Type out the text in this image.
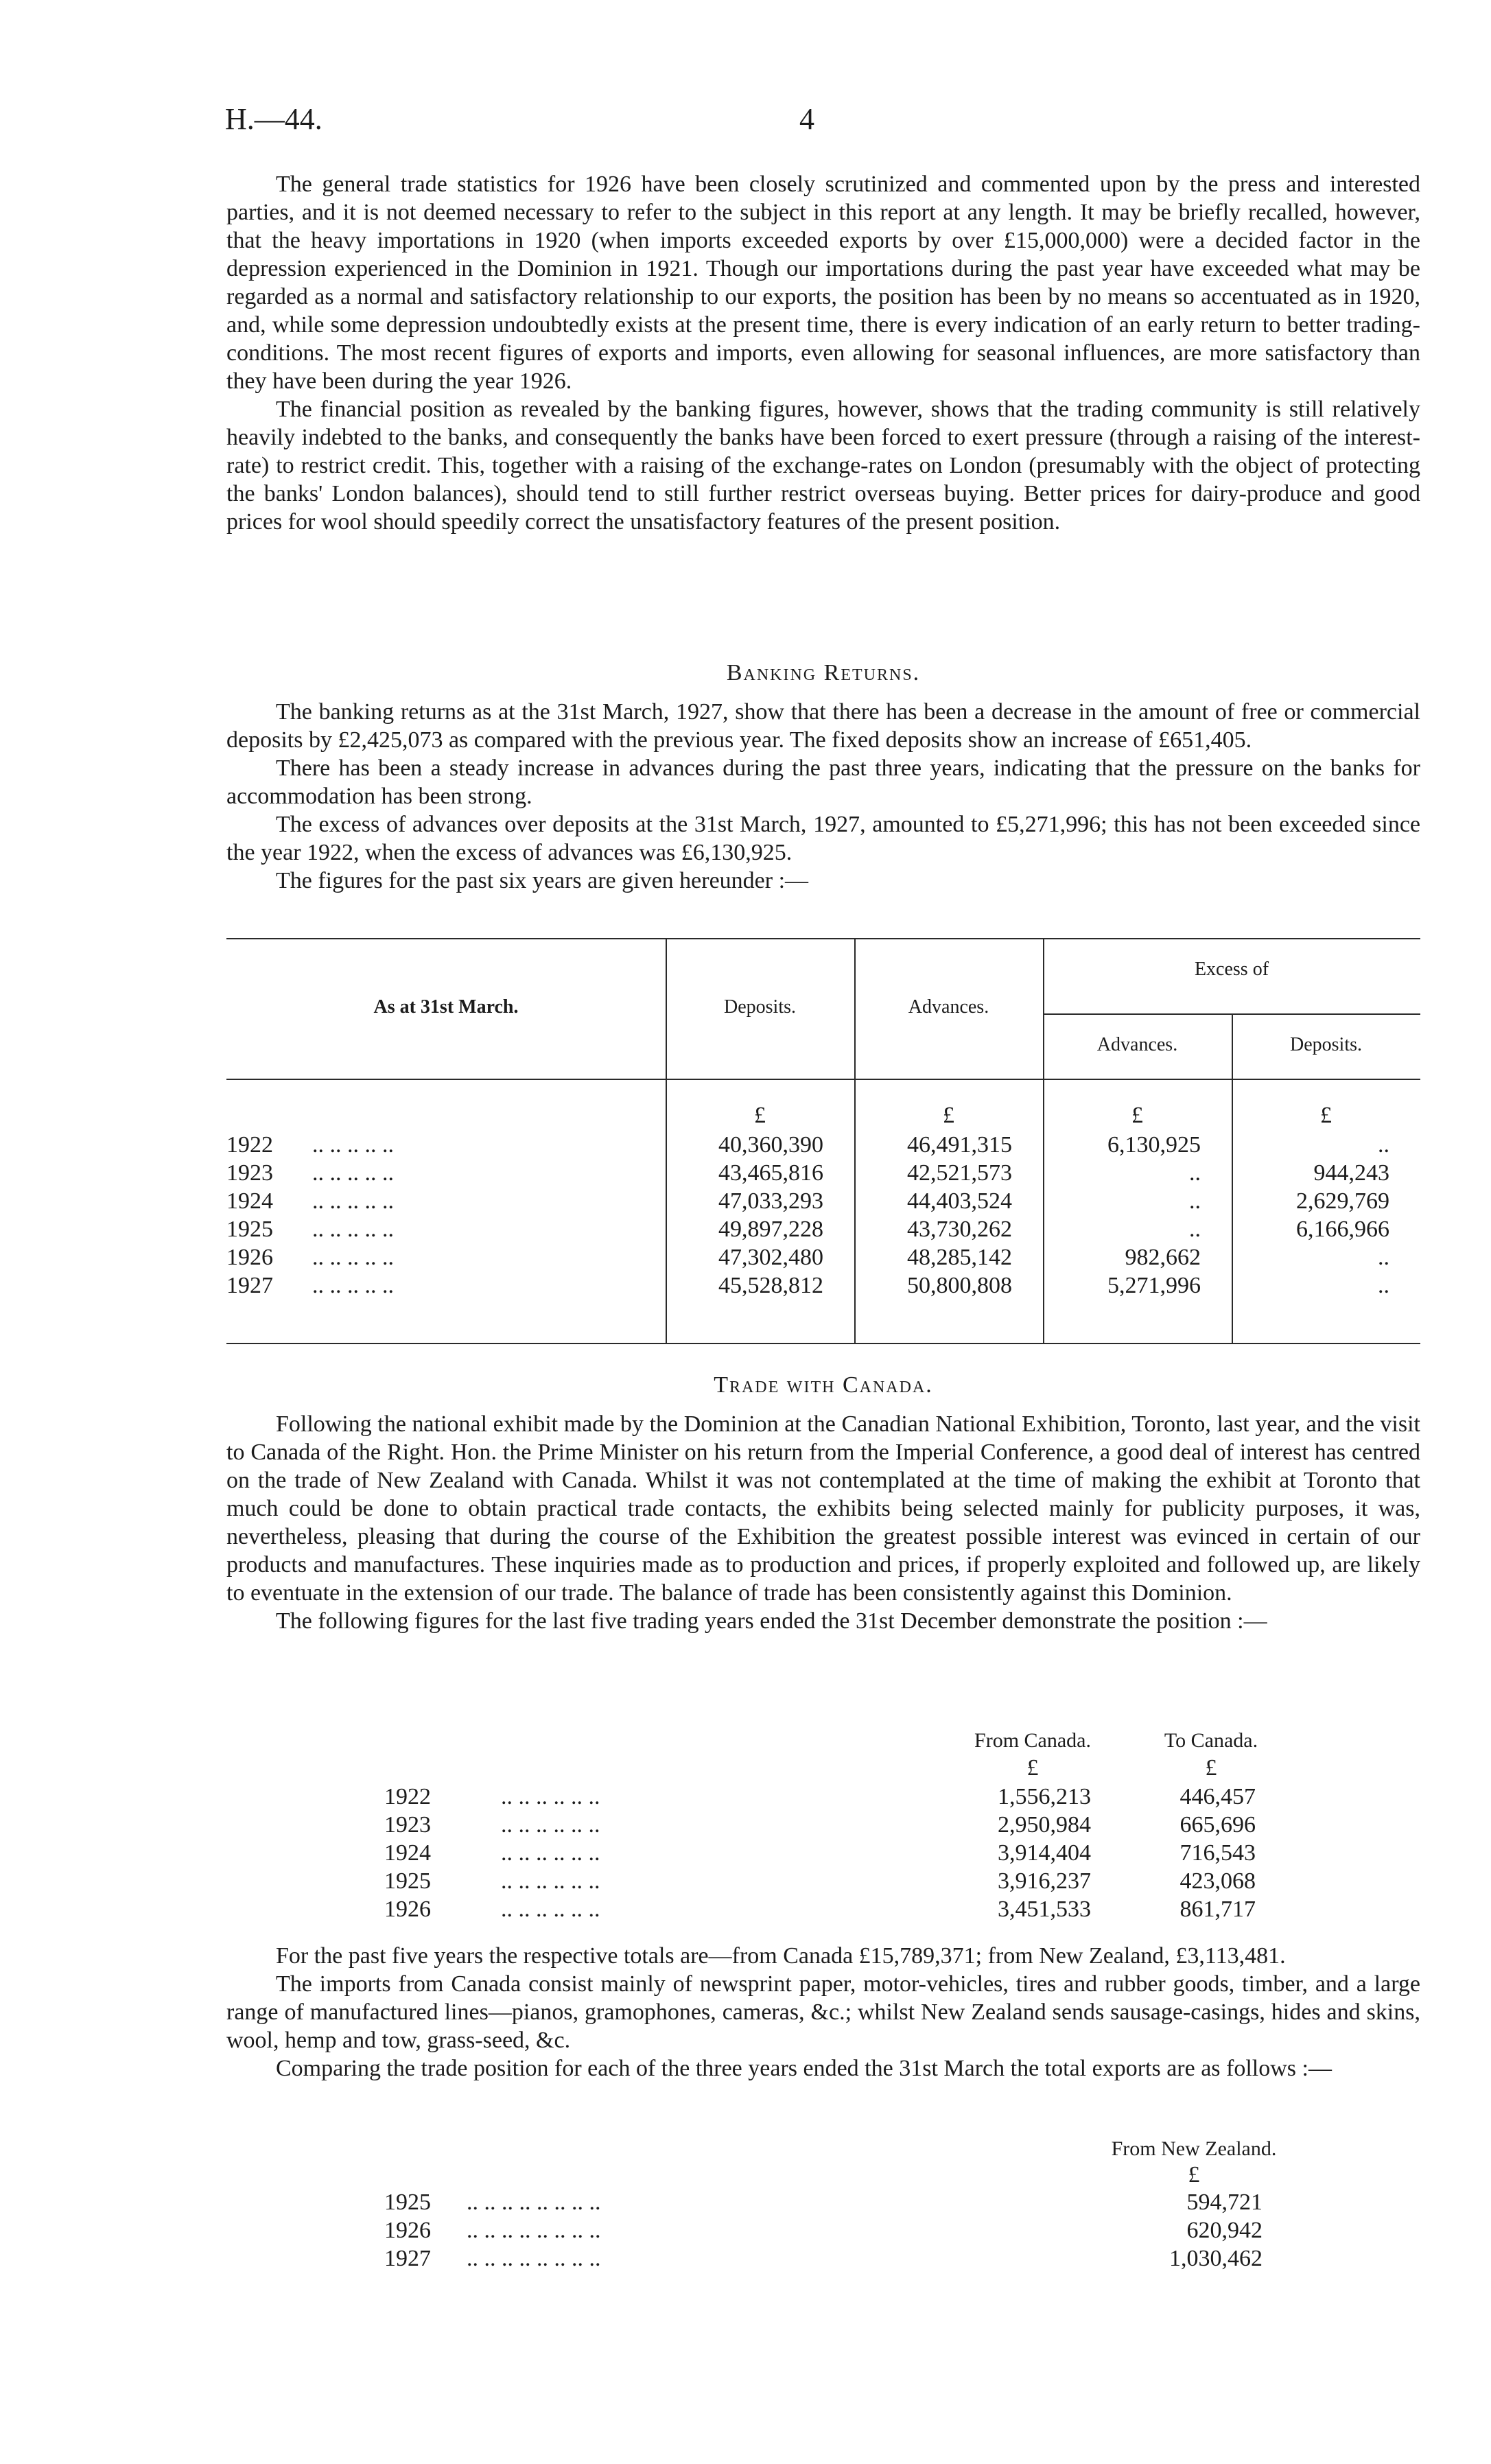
H.—44.	4

The general trade statistics for 1926 have been closely scrutinized and commented upon by the press and interested parties, and it is not deemed necessary to refer to the subject in this report at any length. It may be briefly recalled, however, that the heavy importations in 1920 (when imports exceeded exports by over £15,000,000) were a decided factor in the depression experienced in the Dominion in 1921. Though our importations during the past year have exceeded what may be regarded as a normal and satisfactory relationship to our exports, the position has been by no means so accentuated as in 1920, and, while some depression undoubtedly exists at the present time, there is every indication of an early return to better trading-conditions. The most recent figures of exports and imports, even allowing for seasonal influences, are more satisfactory than they have been during the year 1926.

The financial position as revealed by the banking figures, however, shows that the trading community is still relatively heavily indebted to the banks, and consequently the banks have been forced to exert pressure (through a raising of the interest-rate) to restrict credit. This, together with a raising of the exchange-rates on London (presumably with the object of protecting the banks' London balances), should tend to still further restrict overseas buying. Better prices for dairy-produce and good prices for wool should speedily correct the unsatisfactory features of the present position.

Banking Returns.

The banking returns as at the 31st March, 1927, show that there has been a decrease in the amount of free or commercial deposits by £2,425,073 as compared with the previous year. The fixed deposits show an increase of £651,405.

There has been a steady increase in advances during the past three years, indicating that the pressure on the banks for accommodation has been strong.

The excess of advances over deposits at the 31st March, 1927, amounted to £5,271,996; this has not been exceeded since the year 1922, when the excess of advances was £6,130,925.

The figures for the past six years are given hereunder :—

As at 31st March.	Deposits.	Advances.
Excess of
Advances.	Deposits.
£	£	£	£
1922 .. .. .. .. ..	40,360,390	46,491,315	6,130,925	..
1923 .. .. .. .. ..	43,465,816	42,521,573	..	944,243
1924 .. .. .. .. ..	47,033,293	44,403,524	..	2,629,769
1925 .. .. .. .. ..	49,897,228	43,730,262	..	6,166,966
1926 .. .. .. .. ..	47,302,480	48,285,142	982,662	..
1927 .. .. .. .. ..	45,528,812	50,800,808	5,271,996	..
Trade with Canada.

Following the national exhibit made by the Dominion at the Canadian National Exhibition, Toronto, last year, and the visit to Canada of the Right. Hon. the Prime Minister on his return from the Imperial Conference, a good deal of interest has centred on the trade of New Zealand with Canada. Whilst it was not contemplated at the time of making the exhibit at Toronto that much could be done to obtain practical trade contacts, the exhibits being selected mainly for publicity purposes, it was, nevertheless, pleasing that during the course of the Exhibition the greatest possible interest was evinced in certain of our products and manufactures. These inquiries made as to production and prices, if properly exploited and followed up, are likely to eventuate in the extension of our trade. The balance of trade has been consistently against this Dominion.

The following figures for the last five trading years ended the 31st December demonstrate the position :—

From Canada.	To Canada.
£	£
1922	.. .. .. .. .. ..	1,556,213	446,457
1923	.. .. .. .. .. ..	2,950,984	665,696
1924	.. .. .. .. .. ..	3,914,404	716,543
1925	.. .. .. .. .. ..	3,916,237	423,068
1926	.. .. .. .. .. ..	3,451,533	861,717

For the past five years the respective totals are—from Canada £15,789,371; from New Zealand, £3,113,481.

The imports from Canada consist mainly of newsprint paper, motor-vehicles, tires and rubber goods, timber, and a large range of manufactured lines—pianos, gramophones, cameras, &c.; whilst New Zealand sends sausage-casings, hides and skins, wool, hemp and tow, grass-seed, &c.

Comparing the trade position for each of the three years ended the 31st March the total exports are as follows :—

From New Zealand.
£
1925 .. .. .. .. .. .. .. ..	594,721
1926 .. .. .. .. .. .. .. ..	620,942
1927 .. .. .. .. .. .. .. ..	1,030,462
